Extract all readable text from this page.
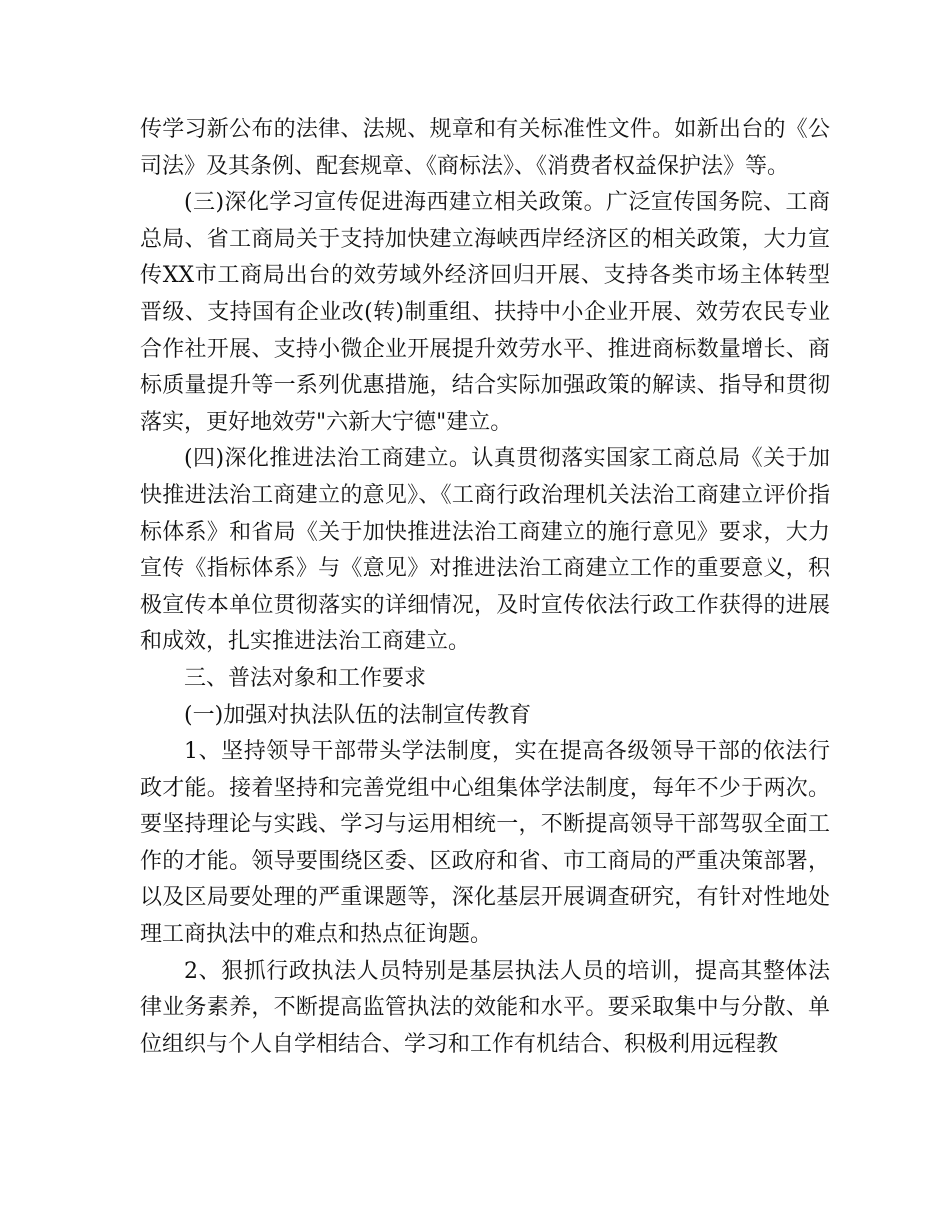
传学习新公布的法律、法规、规章和有关标准性文件。如新出台的《公司法》及其条例、配套规章、《商标法》、《消费者权益保护法》等。

(三)深化学习宣传促进海西建立相关政策。广泛宣传国务院、工商总局、省工商局关于支持加快建立海峡西岸经济区的相关政策，大力宣传XX市工商局出台的效劳域外经济回归开展、支持各类市场主体转型晋级、支持国有企业改(转)制重组、扶持中小企业开展、效劳农民专业合作社开展、支持小微企业开展提升效劳水平、推进商标数量增长、商标质量提升等一系列优惠措施，结合实际加强政策的解读、指导和贯彻落实，更好地效劳"六新大宁德"建立。

(四)深化推进法治工商建立。认真贯彻落实国家工商总局《关于加快推进法治工商建立的意见》、《工商行政治理机关法治工商建立评价指标体系》和省局《关于加快推进法治工商建立的施行意见》要求，大力宣传《指标体系》与《意见》对推进法治工商建立工作的重要意义，积极宣传本单位贯彻落实的详细情况，及时宣传依法行政工作获得的进展和成效，扎实推进法治工商建立。

三、普法对象和工作要求

(一)加强对执法队伍的法制宣传教育

1、坚持领导干部带头学法制度，实在提高各级领导干部的依法行政才能。接着坚持和完善党组中心组集体学法制度，每年不少于两次。要坚持理论与实践、学习与运用相统一，不断提高领导干部驾驭全面工作的才能。领导要围绕区委、区政府和省、市工商局的严重决策部署，以及区局要处理的严重课题等，深化基层开展调查研究，有针对性地处理工商执法中的难点和热点征询题。

2、狠抓行政执法人员特别是基层执法人员的培训，提高其整体法律业务素养，不断提高监管执法的效能和水平。要采取集中与分散、单位组织与个人自学相结合、学习和工作有机结合、积极利用远程教
